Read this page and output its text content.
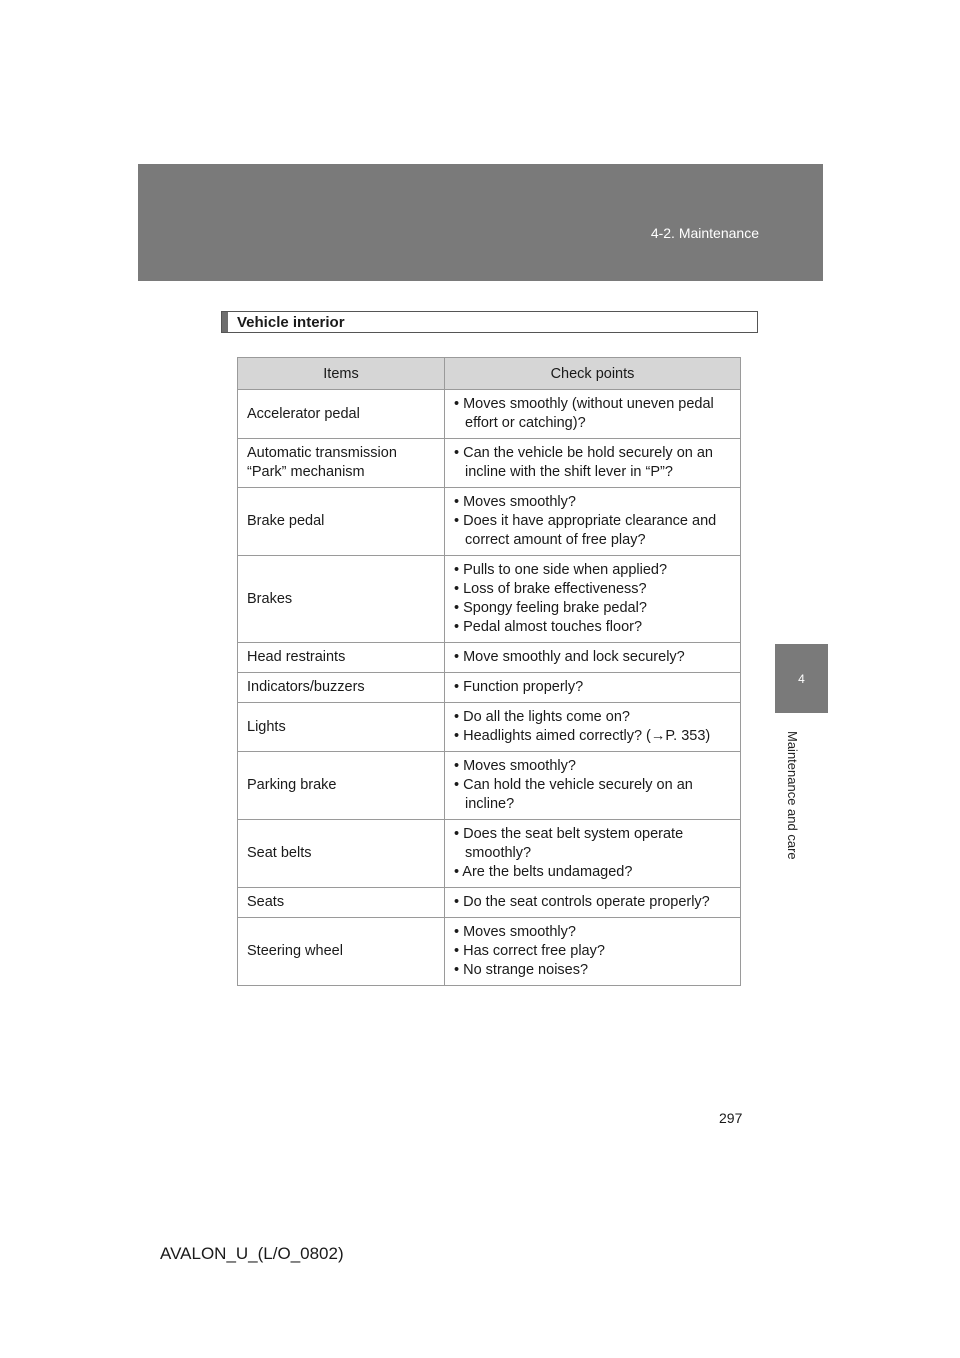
4-2. Maintenance
4
Maintenance and care
Vehicle interior
Items	Check points
Accelerator pedal	• Moves smoothly (without uneven pedal effort or catching)?

Automatic transmission “Park” mechanism	• Can the vehicle be hold securely on an incline with the shift lever in “P”?

Brake pedal	• Moves smoothly?
• Does it have appropriate clearance and correct amount of free play?

Brakes	• Pulls to one side when applied?
• Loss of brake effectiveness?
• Spongy feeling brake pedal?
• Pedal almost touches floor?

Head restraints	• Move smoothly and lock securely?

Indicators/buzzers	• Function properly?

Lights	• Do all the lights come on?
• Headlights aimed correctly? (→P. 353)

Parking brake	• Moves smoothly?
• Can hold the vehicle securely on an incline?

Seat belts	• Does the seat belt system operate smoothly?
• Are the belts undamaged?

Seats	• Do the seat controls operate properly?

Steering wheel	• Moves smoothly?
• Has correct free play?
• No strange noises?
297
AVALON_U_(L/O_0802)
